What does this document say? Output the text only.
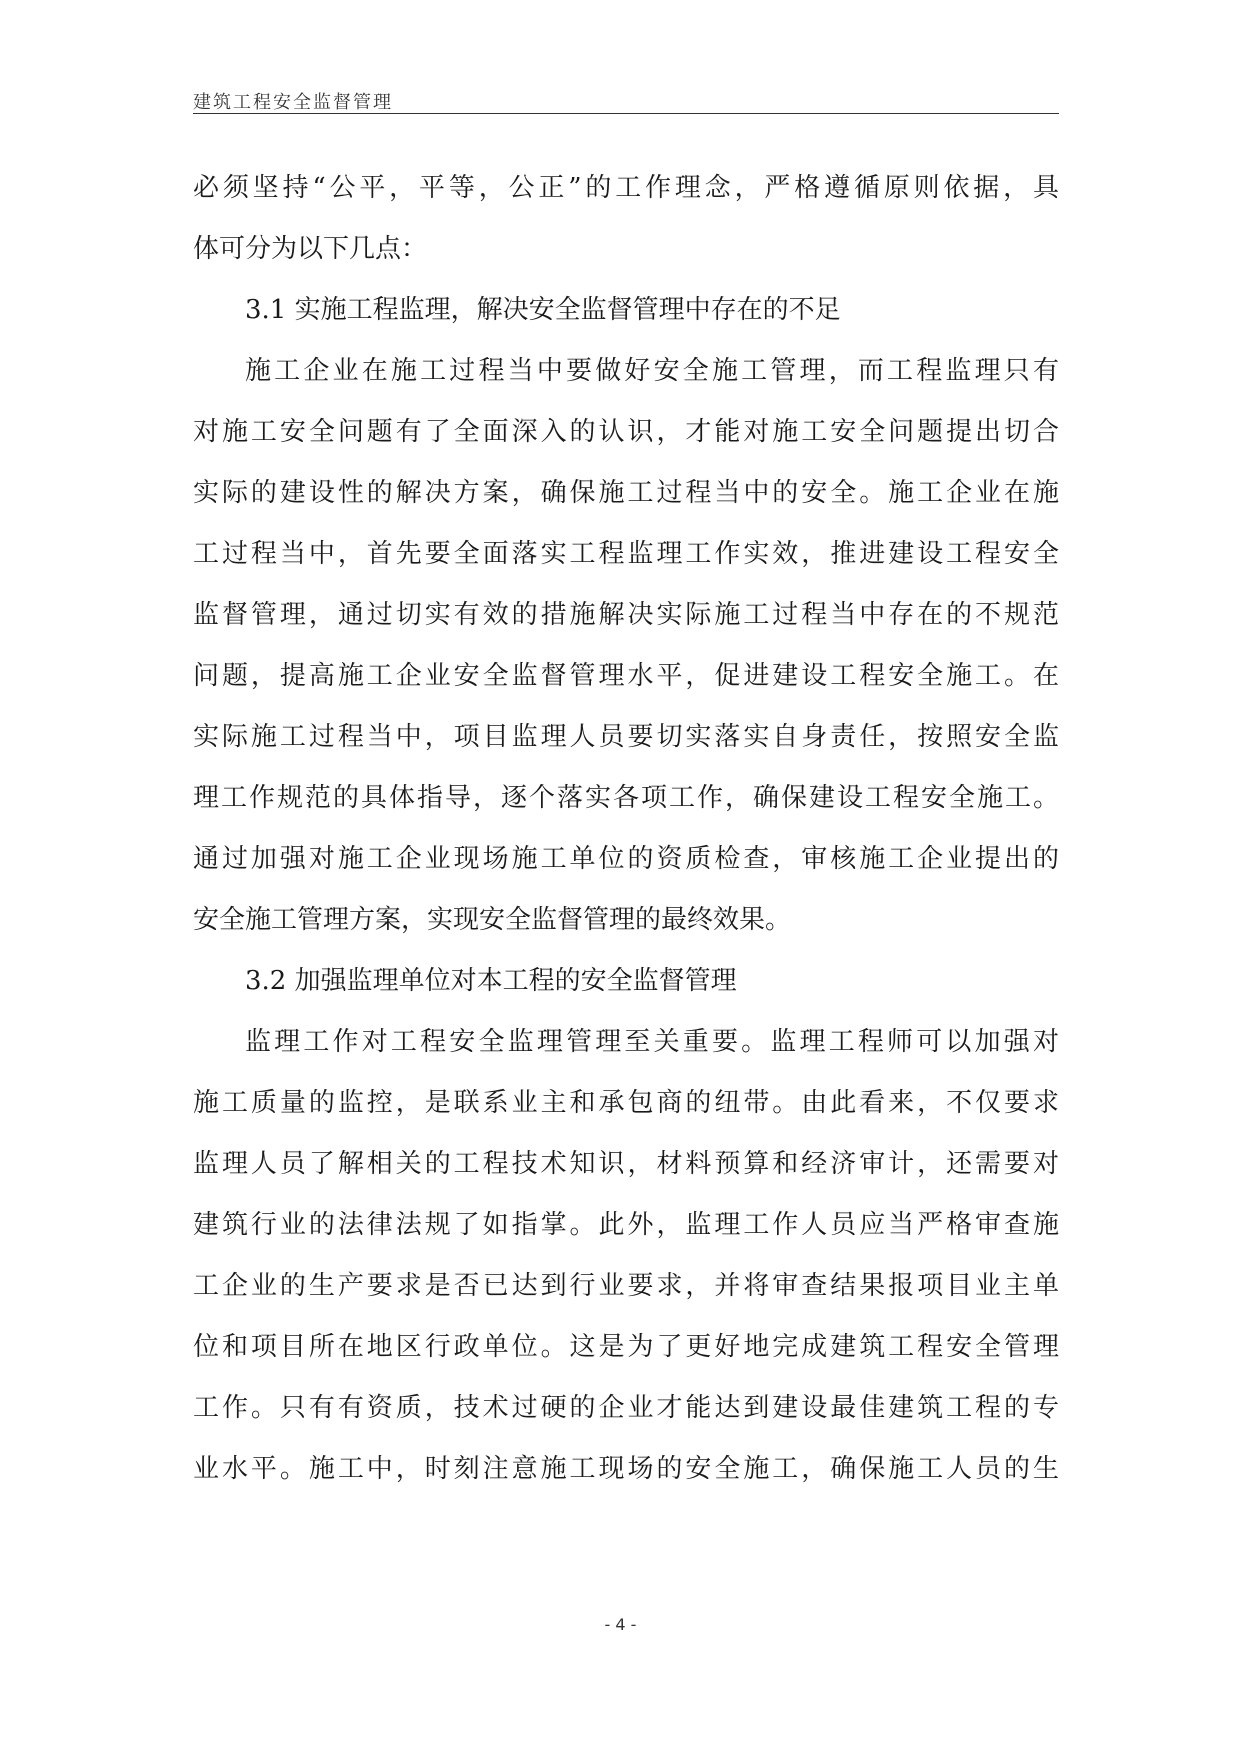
建筑工程安全监督管理
必须坚持“公平，平等，公正”的工作理念，严格遵循原则依据，具
体可分为以下几点：
3.1 实施工程监理，解决安全监督管理中存在的不足
施工企业在施工过程当中要做好安全施工管理，而工程监理只有
对施工安全问题有了全面深入的认识，才能对施工安全问题提出切合
实际的建设性的解决方案，确保施工过程当中的安全。施工企业在施
工过程当中，首先要全面落实工程监理工作实效，推进建设工程安全
监督管理，通过切实有效的措施解决实际施工过程当中存在的不规范
问题，提高施工企业安全监督管理水平，促进建设工程安全施工。在
实际施工过程当中，项目监理人员要切实落实自身责任，按照安全监
理工作规范的具体指导，逐个落实各项工作，确保建设工程安全施工。
通过加强对施工企业现场施工单位的资质检查，审核施工企业提出的
安全施工管理方案，实现安全监督管理的最终效果。
3.2 加强监理单位对本工程的安全监督管理
监理工作对工程安全监理管理至关重要。监理工程师可以加强对
施工质量的监控，是联系业主和承包商的纽带。由此看来，不仅要求
监理人员了解相关的工程技术知识，材料预算和经济审计，还需要对
建筑行业的法律法规了如指掌。此外，监理工作人员应当严格审查施
工企业的生产要求是否已达到行业要求，并将审查结果报项目业主单
位和项目所在地区行政单位。这是为了更好地完成建筑工程安全管理
工作。只有有资质，技术过硬的企业才能达到建设最佳建筑工程的专
业水平。施工中，时刻注意施工现场的安全施工，确保施工人员的生
- 4 -
